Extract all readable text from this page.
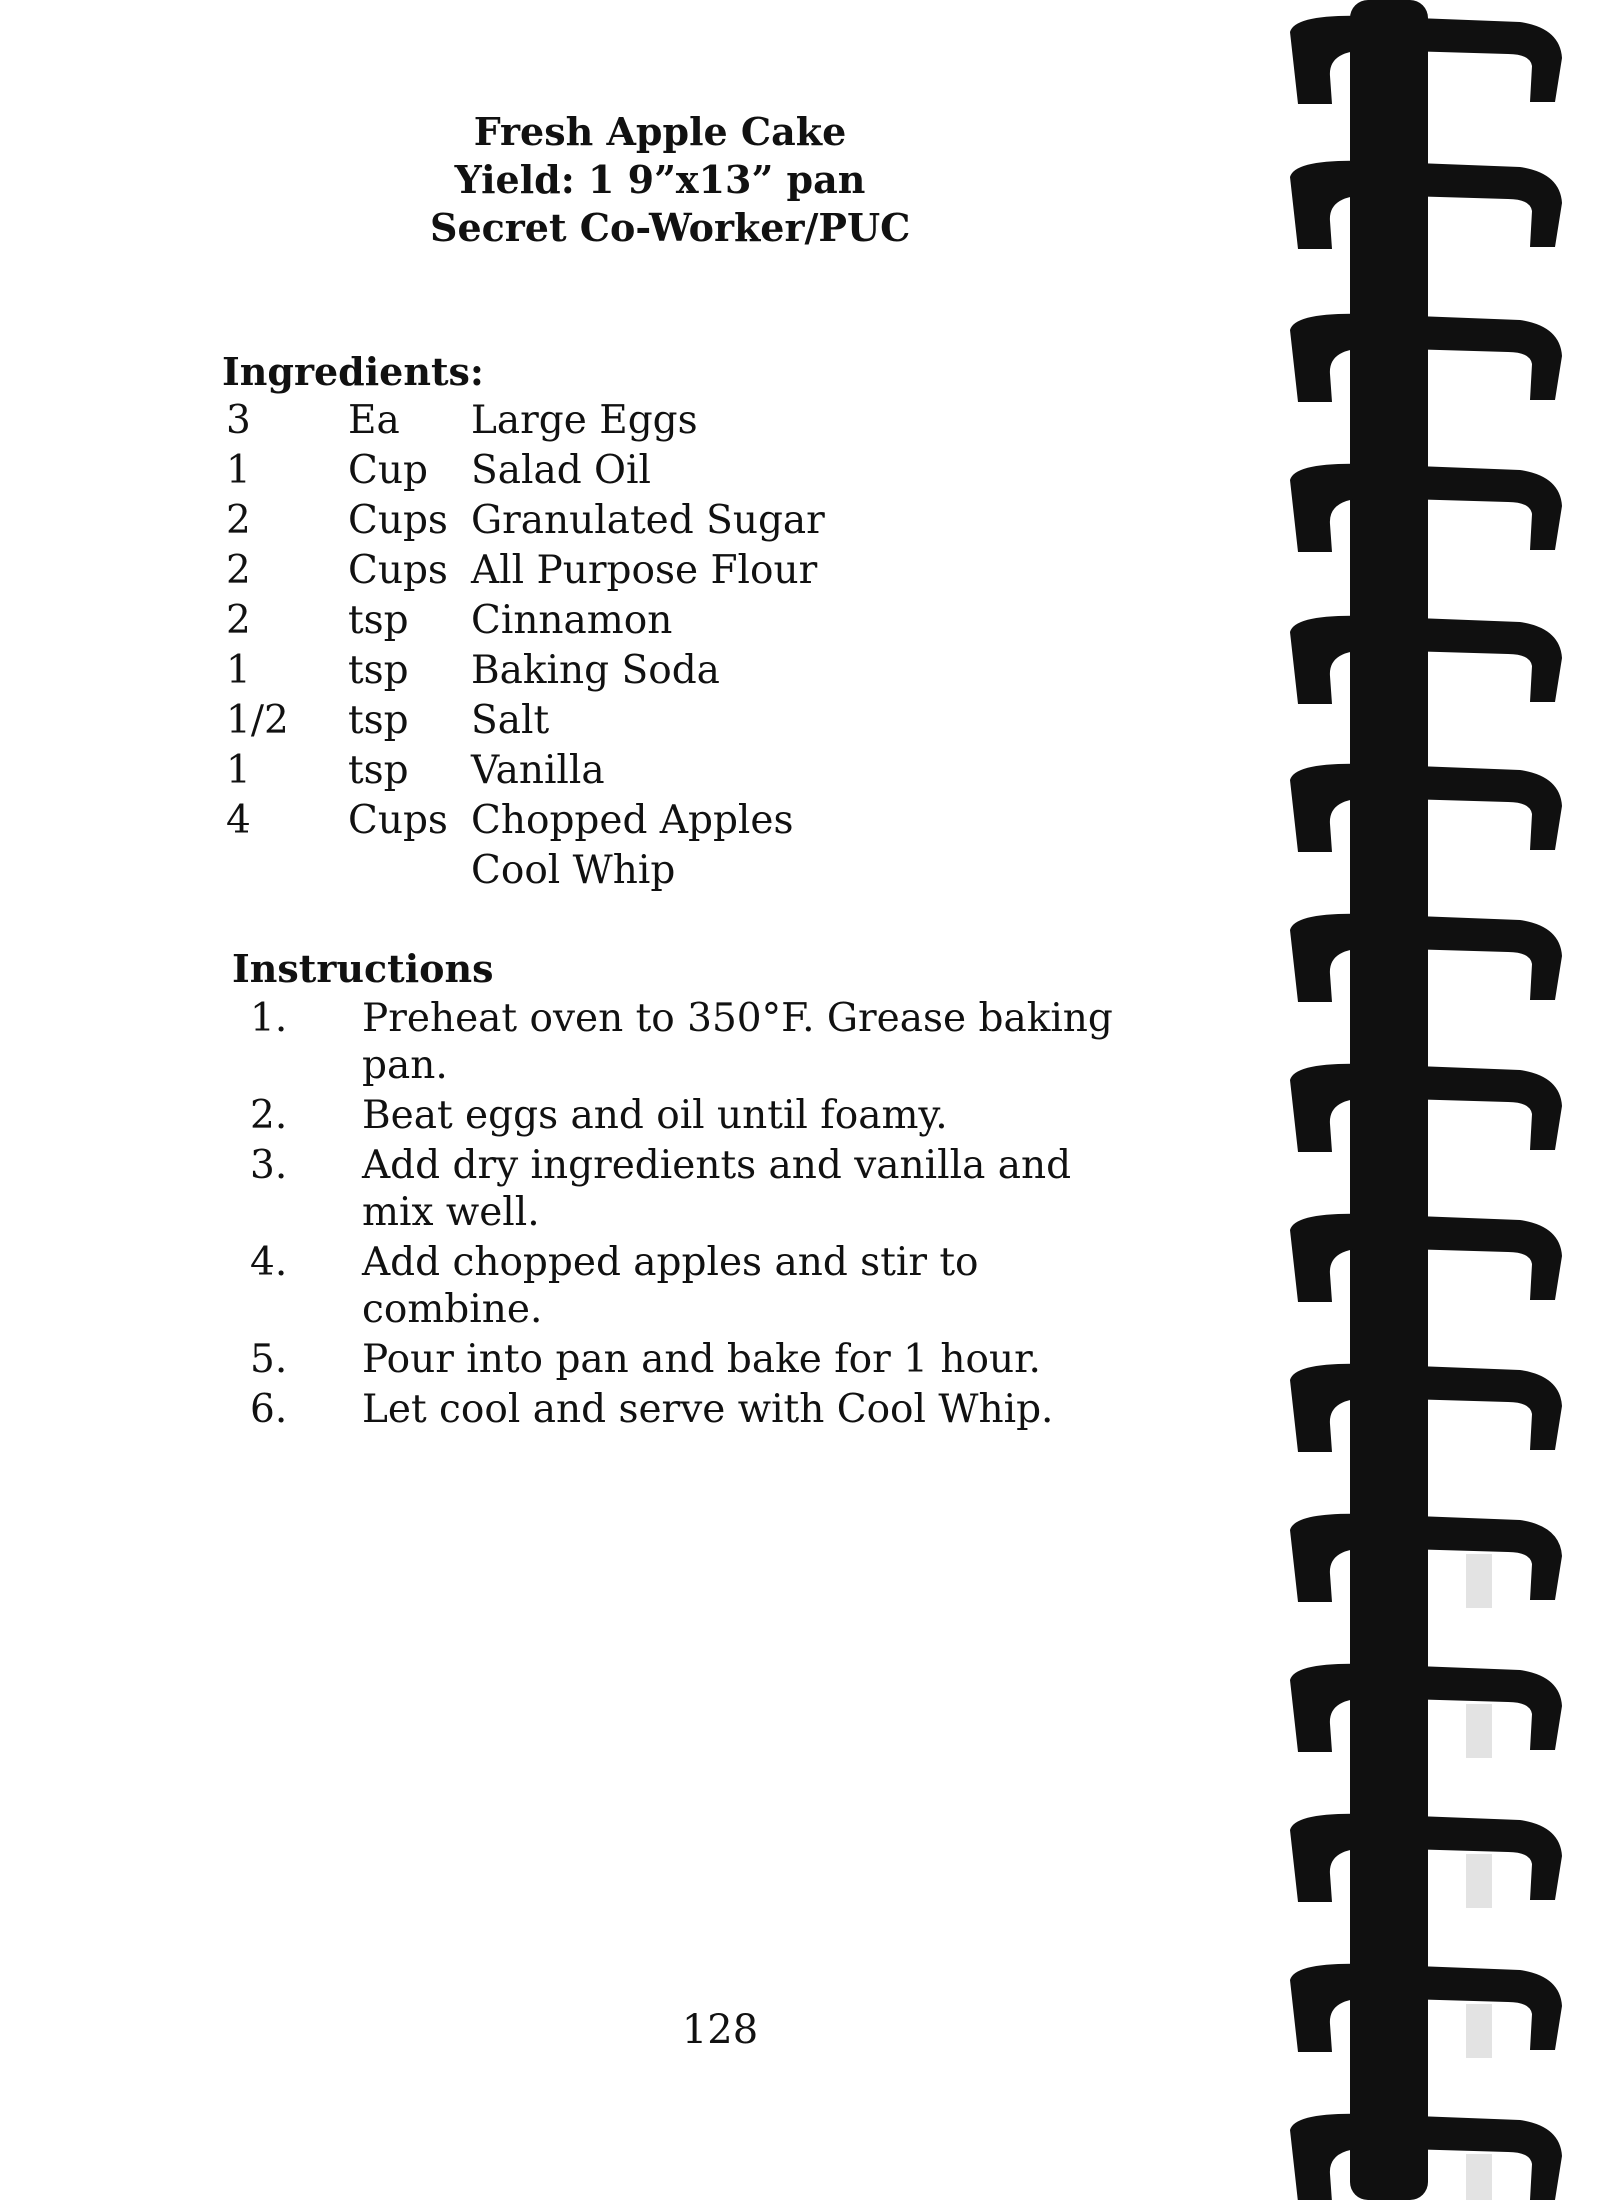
Fresh Apple Cake
Yield: 1 9”x13” pan
Secret Co-Worker/PUC
Ingredients:
3 Ea Large Eggs
1 Cup Salad Oil
2 Cups Granulated Sugar
2 Cups All Purpose Flour
2 tsp Cinnamon
1 tsp Baking Soda
1/2 tsp Salt
1 tsp Vanilla
4 Cups Chopped Apples
Cool Whip
Instructions
1.	Preheat oven to 350°F. Grease baking pan.
2.	Beat eggs and oil until foamy.
3.	Add dry ingredients and vanilla and mix well.
4.	Add chopped apples and stir to combine.
5.	Pour into pan and bake for 1 hour.
6.	Let cool and serve with Cool Whip.
128
